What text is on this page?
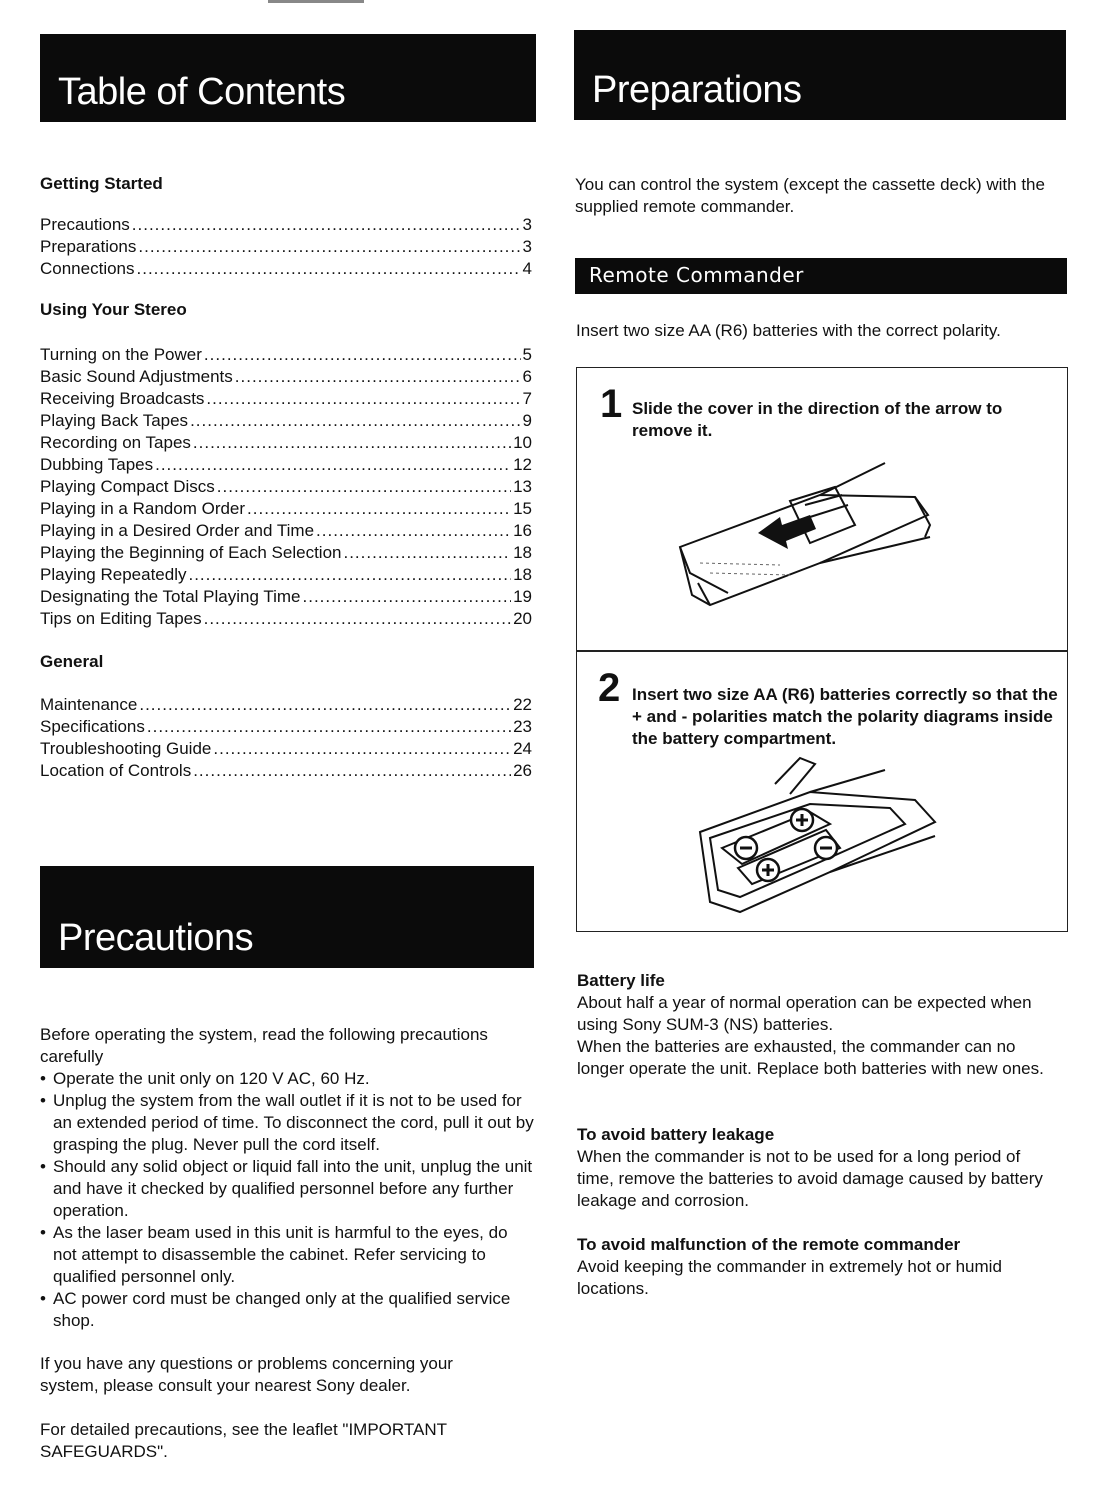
Table of Contents
Getting Started
Precautions .....	3
Preparations .....	3
Connections .....	4
Using Your Stereo
Turning on the Power .....	5
Basic Sound Adjustments .....	6
Receiving Broadcasts .....	7
Playing Back Tapes .....	9
Recording on Tapes .....	10
Dubbing Tapes .....	12
Playing Compact Discs .....	13
Playing in a Random Order .....	15
Playing in a Desired Order and Time .....	16
Playing the Beginning of Each Selection .....	18
Playing Repeatedly .....	18
Designating the Total Playing Time .....	19
Tips on Editing Tapes .....	20
General
Maintenance .....	22
Specifications .....	23
Troubleshooting Guide .....	24
Location of Controls .....	26
Precautions
Before operating the system, read the following precautions carefully
• Operate the unit only on 120 V AC, 60 Hz.
• Unplug the system from the wall outlet if it is not to be used for an extended period of time. To disconnect the cord, pull it out by grasping the plug. Never pull the cord itself.
• Should any solid object or liquid fall into the unit, unplug the unit and have it checked by qualified personnel before any further operation.
• As the laser beam used in this unit is harmful to the eyes, do not attempt to disassemble the cabinet. Refer servicing to qualified personnel only.
• AC power cord must be changed only at the qualified service shop.
If you have any questions or problems concerning your system, please consult your nearest Sony dealer.
For detailed precautions, see the leaflet "IMPORTANT SAFEGUARDS".
Preparations
You can control the system (except the cassette deck) with the supplied remote commander.
Remote Commander
Insert two size AA (R6) batteries with the correct polarity.
1 Slide the cover in the direction of the arrow to remove it.
2 Insert two size AA (R6) batteries correctly so that the + and - polarities match the polarity diagrams inside the battery compartment.
Battery life
About half a year of normal operation can be expected when using Sony SUM-3 (NS) batteries.
When the batteries are exhausted, the commander can no longer operate the unit. Replace both batteries with new ones.
To avoid battery leakage
When the commander is not to be used for a long period of time, remove the batteries to avoid damage caused by battery leakage and corrosion.
To avoid malfunction of the remote commander
Avoid keeping the commander in extremely hot or humid locations.
